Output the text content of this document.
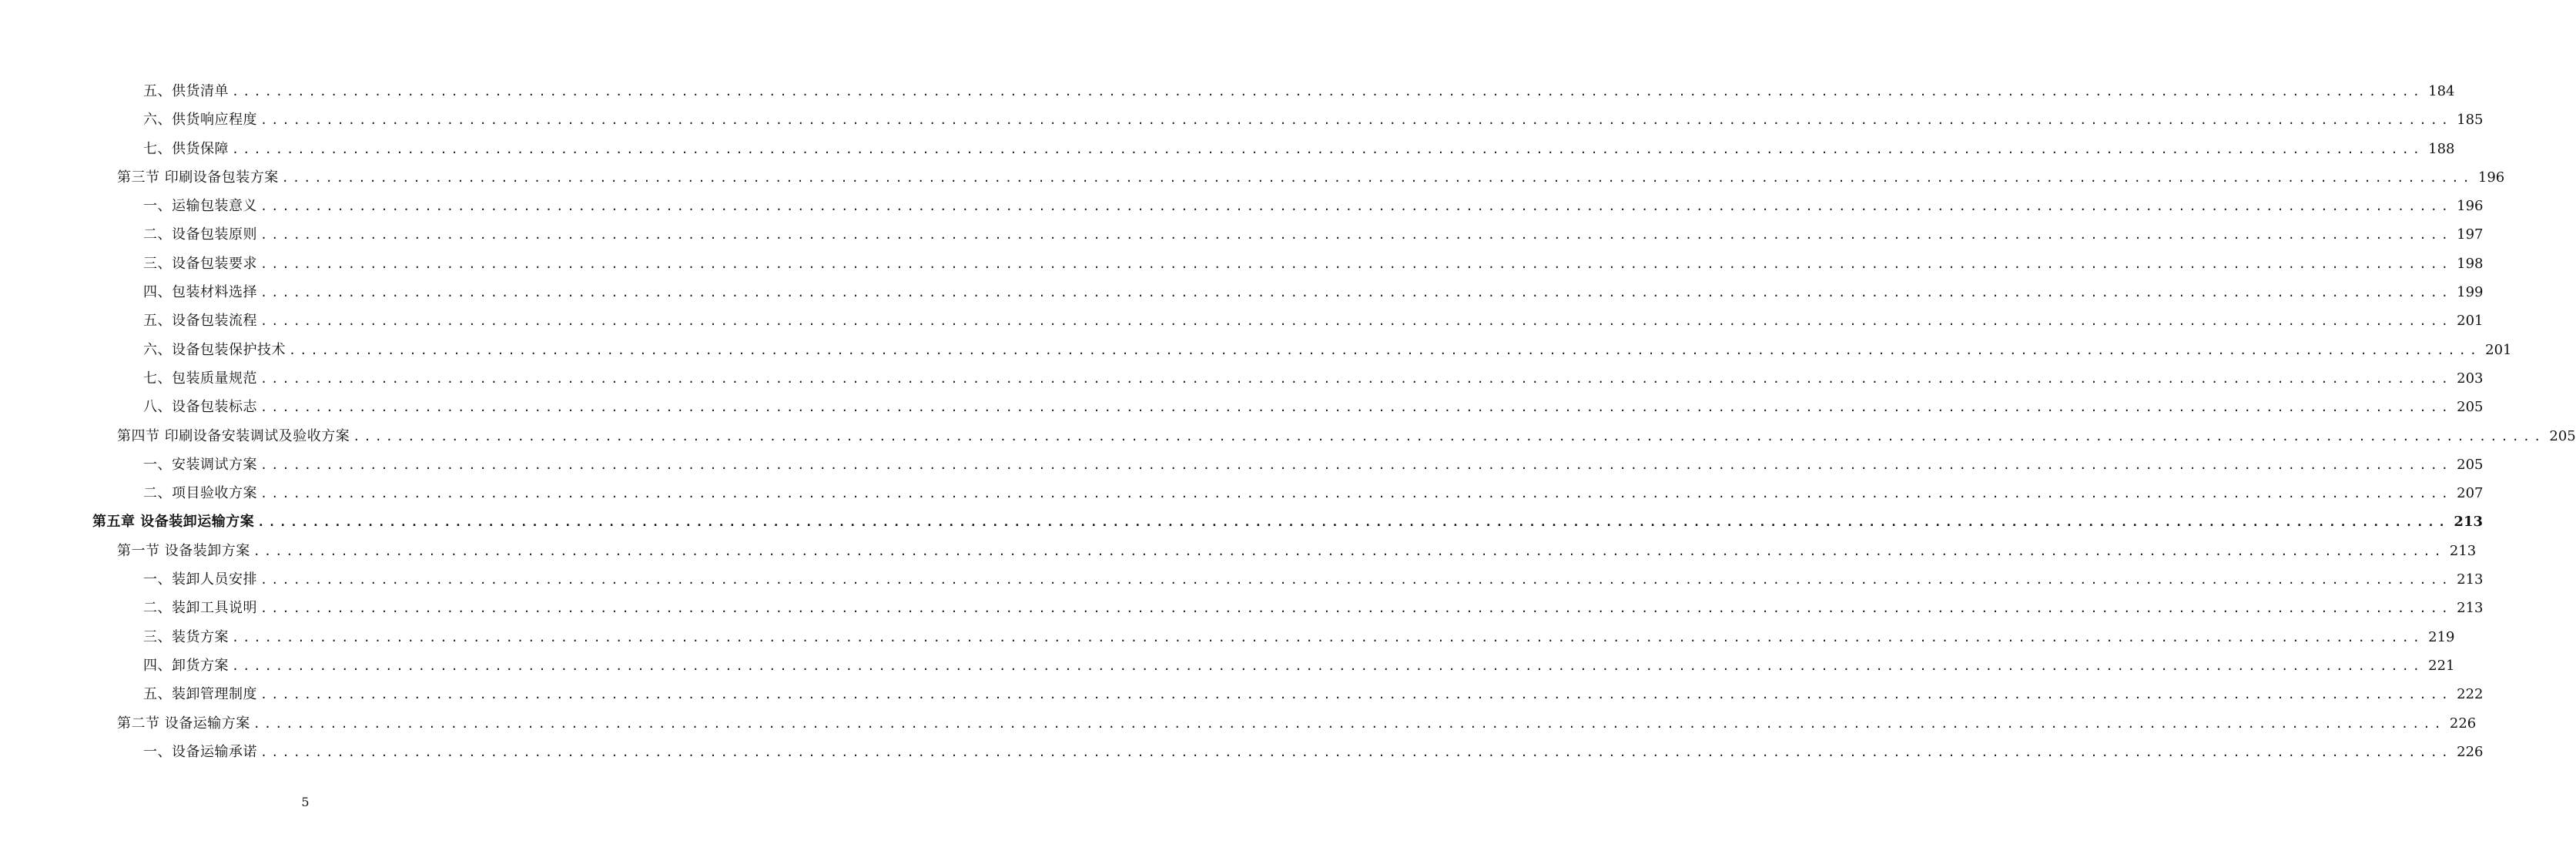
五、供货清单 ........................................................................................................................................................................................................ 184
六、供货响应程度 ........................................................................................................................................................................................................ 185
七、供货保障 ........................................................................................................................................................................................................ 188
第三节 印刷设备包装方案 ........................................................................................................................................................................................................ 196
一、运输包装意义 ........................................................................................................................................................................................................ 196
二、设备包装原则 ........................................................................................................................................................................................................ 197
三、设备包装要求 ........................................................................................................................................................................................................ 198
四、包装材料选择 ........................................................................................................................................................................................................ 199
五、设备包装流程 ........................................................................................................................................................................................................ 201
六、设备包装保护技术 ........................................................................................................................................................................................................ 201
七、包装质量规范 ........................................................................................................................................................................................................ 203
八、设备包装标志 ........................................................................................................................................................................................................ 205
第四节 印刷设备安装调试及验收方案 ........................................................................................................................................................................................................ 205
一、安装调试方案 ........................................................................................................................................................................................................ 205
二、项目验收方案 ........................................................................................................................................................................................................ 207
第五章 设备装卸运输方案 ........................................................................................................................................................................................................ 213
第一节 设备装卸方案 ........................................................................................................................................................................................................ 213
一、装卸人员安排 ........................................................................................................................................................................................................ 213
二、装卸工具说明 ........................................................................................................................................................................................................ 213
三、装货方案 ........................................................................................................................................................................................................ 219
四、卸货方案 ........................................................................................................................................................................................................ 221
五、装卸管理制度 ........................................................................................................................................................................................................ 222
第二节 设备运输方案 ........................................................................................................................................................................................................ 226
一、设备运输承诺 ........................................................................................................................................................................................................ 226
5
